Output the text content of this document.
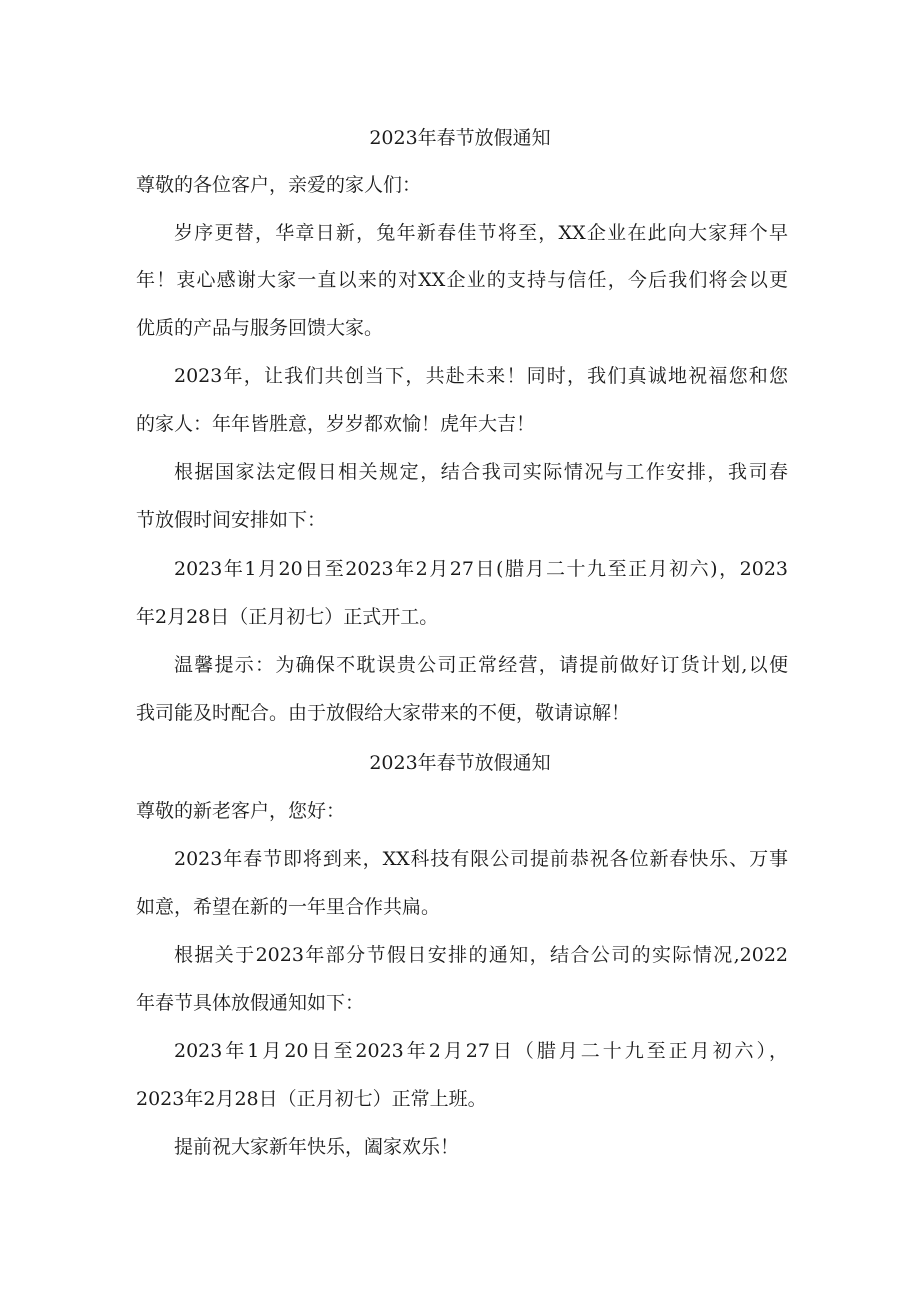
2023年春节放假通知
尊敬的各位客户，亲爱的家人们：
岁序更替，华章日新，兔年新春佳节将至，XX企业在此向大家拜个早
年！衷心感谢大家一直以来的对XX企业的支持与信任，今后我们将会以更
优质的产品与服务回馈大家。
2023年，让我们共创当下，共赴未来！同时，我们真诚地祝福您和您
的家人：年年皆胜意，岁岁都欢愉！虎年大吉！
根据国家法定假日相关规定，结合我司实际情况与工作安排，我司春
节放假时间安排如下：
2023年1月20日至2023年2月27日(腊月二十九至正月初六)，2023
年2月28日（正月初七）正式开工。
温馨提示：为确保不耽误贵公司正常经营，请提前做好订货计划,以便
我司能及时配合。由于放假给大家带来的不便，敬请谅解！
2023年春节放假通知
尊敬的新老客户，您好：
2023年春节即将到来，XX科技有限公司提前恭祝各位新春快乐、万事
如意，希望在新的一年里合作共扁。
根据关于2023年部分节假日安排的通知，结合公司的实际情况,2022
年春节具体放假通知如下：
2023年1月20日至2023年2月27日（腊月二十九至正月初六），
2023年2月28日（正月初七）正常上班。
提前祝大家新年快乐，阖家欢乐！
